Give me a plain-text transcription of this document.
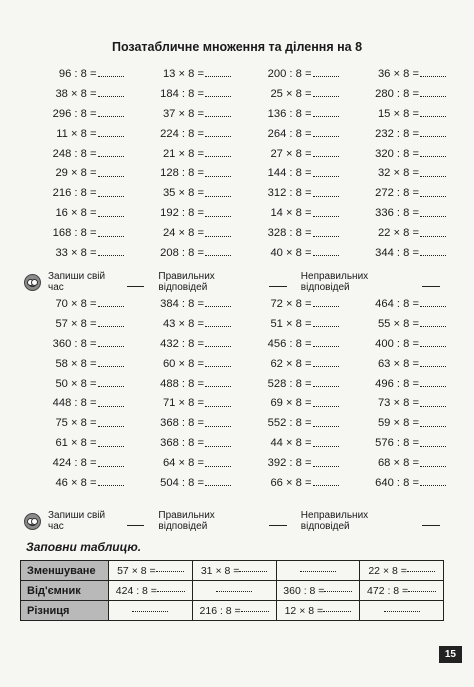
Позатабличне множення та ділення на 8
96 : 8 =	13 × 8 =	200 : 8 =	36 × 8 =
38 × 8 =	184 : 8 =	25 × 8 =	280 : 8 =
296 : 8 =	37 × 8 =	136 : 8 =	15 × 8 =
11 × 8 =	224 : 8 =	264 : 8 =	232 : 8 =
248 : 8 =	21 × 8 =	27 × 8 =	320 : 8 =
29 × 8 =	128 : 8 =	144 : 8 =	32 × 8 =
216 : 8 =	35 × 8 =	312 : 8 =	272 : 8 =
16 × 8 =	192 : 8 =	14 × 8 =	336 : 8 =
168 : 8 =	24 × 8 =	328 : 8 =	22 × 8 =
33 × 8 =	208 : 8 =	40 × 8 =	344 : 8 =
Запиши свій час
Правильних відповідей
Неправильних відповідей
70 × 8 =	384 : 8 =	72 × 8 =	464 : 8 =
57 × 8 =	43 × 8 =	51 × 8 =	55 × 8 =
360 : 8 =	432 : 8 =	456 : 8 =	400 : 8 =
58 × 8 =	60 × 8 =	62 × 8 =	63 × 8 =
50 × 8 =	488 : 8 =	528 : 8 =	496 : 8 =
448 : 8 =	71 × 8 =	69 × 8 =	73 × 8 =
75 × 8 =	368 : 8 =	552 : 8 =	59 × 8 =
61 × 8 =	368 : 8 =	44 × 8 =	576 : 8 =
424 : 8 =	64 × 8 =	392 : 8 =	68 × 8 =
46 × 8 =	504 : 8 =	66 × 8 =	640 : 8 =
Запиши свій час
Правильних відповідей
Неправильних відповідей
Заповни таблицю.
Зменшуване	57 × 8 =	31 × 8 =		22 × 8 =
Від'ємник	424 : 8 =		360 : 8 =	472 : 8 =
Різниця		216 : 8 =	12 × 8 =	
15
